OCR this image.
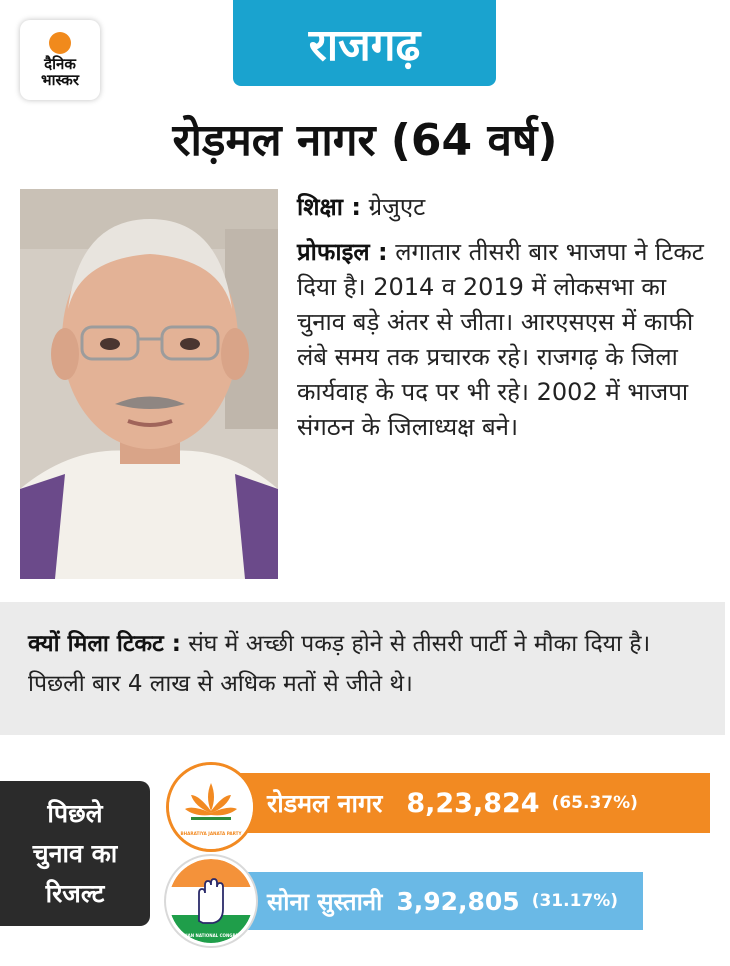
दैनिक
भास्कर
राजगढ़
रोड़मल नागर (64 वर्ष)

शिक्षा : ग्रेजुएट

प्रोफाइल : लगातार तीसरी बार भाजपा ने टिकट दिया है। 2014 व 2019 में लोकसभा का चुनाव बड़े अंतर से जीता। आरएसएस में काफी लंबे समय तक प्रचारक रहे। राजगढ़ के जिला कार्यवाह के पद पर भी रहे। 2002 में भाजपा संगठन के जिलाध्यक्ष बने।

क्यों मिला टिकट : संघ में अच्छी पकड़ होने से तीसरी पार्टी ने मौका दिया है। पिछली बार 4 लाख से अधिक मतों से जीते थे।
पिछले
चुनाव का
रिजल्ट
रोडमल नागर 8,23,824 (65.37%)
BHARATIYA JANATA PARTY
सोना सुस्तानी 3,92,805 (31.17%)
INDIAN NATIONAL CONGRESS
